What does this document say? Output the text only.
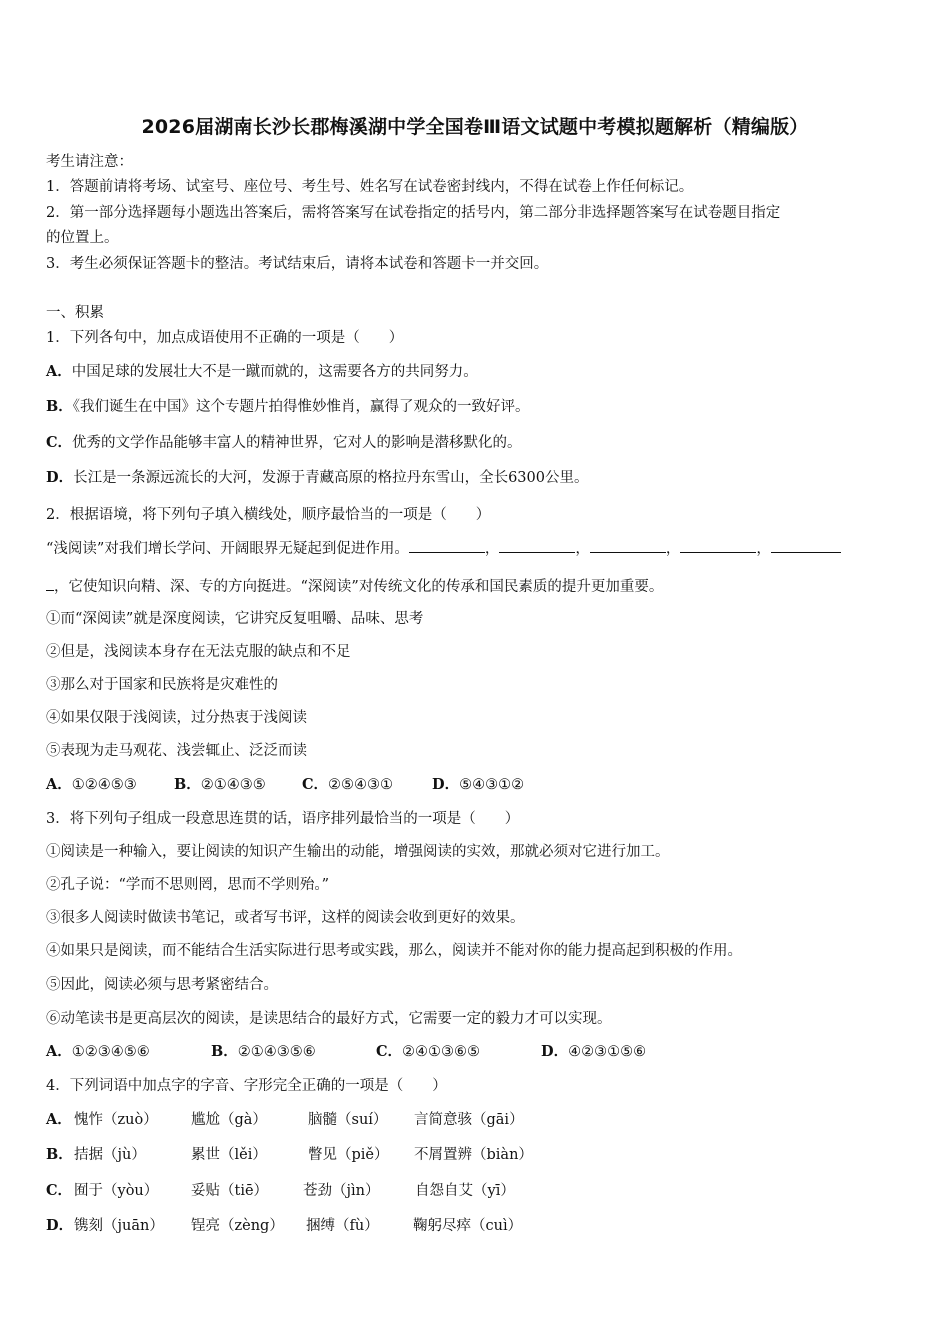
2026届湖南长沙长郡梅溪湖中学全国卷Ⅲ语文试题中考模拟题解析（精编版）
考生请注意：
1．答题前请将考场、试室号、座位号、考生号、姓名写在试卷密封线内，不得在试卷上作任何标记。
2．第一部分选择题每小题选出答案后，需将答案写在试卷指定的括号内，第二部分非选择题答案写在试卷题目指定
的位置上。
3．考生必须保证答题卡的整洁。考试结束后，请将本试卷和答题卡一并交回。
一、积累
1．下列各句中，加点成语使用不正确的一项是（　　）
A．中国足球的发展壮大不是一蹴而就的，这需要各方的共同努力。
B．《我们诞生在中国》这个专题片拍得惟妙惟肖，赢得了观众的一致好评。
C．优秀的文学作品能够丰富人的精神世界，它对人的影响是潜移默化的。
D．长江是一条源远流长的大河，发源于青藏高原的格拉丹东雪山，全长6300公里。
2．根据语境，将下列句子填入横线处，顺序最恰当的一项是（　　）
“浅阅读”对我们增长学问、开阔眼界无疑起到促进作用。	，	，	，	，
，它使知识向精、深、专的方向挺进。“深阅读”对传统文化的传承和国民素质的提升更加重要。
①而“深阅读”就是深度阅读，它讲究反复咀嚼、品味、思考
②但是，浅阅读本身存在无法克服的缺点和不足
③那么对于国家和民族将是灾难性的
④如果仅限于浅阅读，过分热衷于浅阅读
⑤表现为走马观花、浅尝辄止、泛泛而读
A．①②④⑤③	B．②①④③⑤ C．②⑤④③①	D．⑤④③①②
3．将下列句子组成一段意思连贯的话，语序排列最恰当的一项是（　　）
①阅读是一种输入，要让阅读的知识产生输出的动能，增强阅读的实效，那就必须对它进行加工。
②孔子说：“学而不思则罔，思而不学则殆。”
③很多人阅读时做读书笔记，或者写书评，这样的阅读会收到更好的效果。
④如果只是阅读，而不能结合生活实际进行思考或实践，那么，阅读并不能对你的能力提高起到积极的作用。
⑤因此，阅读必须与思考紧密结合。
⑥动笔读书是更高层次的阅读，是读思结合的最好方式，它需要一定的毅力才可以实现。
A．①②③④⑤⑥	B．②①④③⑤⑥	C．②④①③⑥⑤	D．④②③①⑤⑥
4．下列词语中加点字的字音、字形完全正确的一项是（　　）
A． 愧怍（zuò） 尴尬（gà）	脑髓（suí） 言简意骇（gāi）
B．拮据（jù）	累世（lěi）	瞥见（piě） 不屑置辨（biàn）
C． 囿于（yòu） 妥贴（tiē） 苍劲（jìn） 自怨自艾（yī）
D．镌刻（juān） 锃亮（zèng） 捆缚（fù） 鞠躬尽瘁（cuì）
